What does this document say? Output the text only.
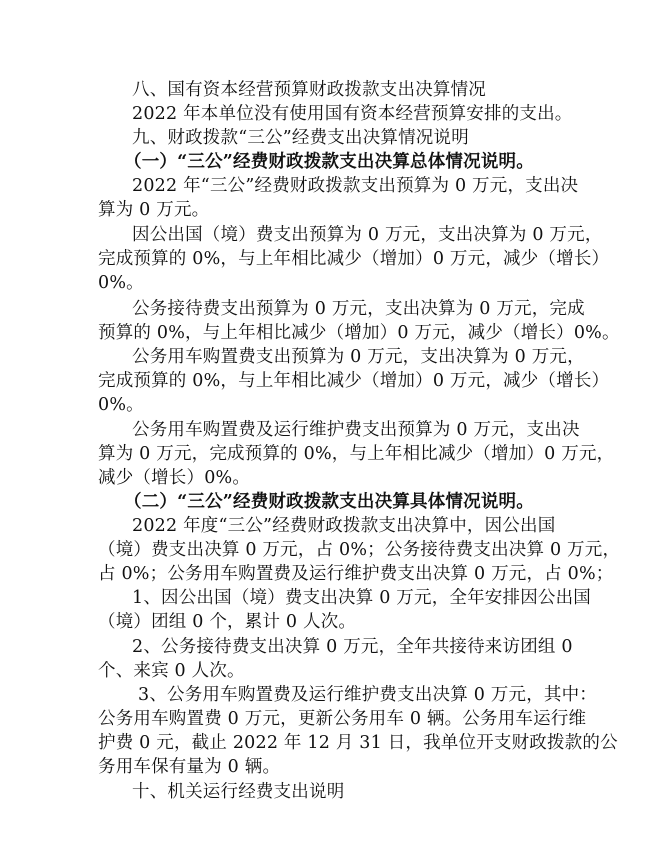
八、国有资本经营预算财政拨款支出决算情况
2022 年本单位没有使用国有资本经营预算安排的支出。
九、财政拨款“三公”经费支出决算情况说明
（一）“三公”经费财政拨款支出决算总体情况说明。
2022 年“三公”经费财政拨款支出预算为 0 万元，支出决
算为 0 万元。
因公出国（境）费支出预算为 0 万元，支出决算为 0 万元，
完成预算的 0%，与上年相比减少（增加）0 万元，减少（增长）
0%。
公务接待费支出预算为 0 万元，支出决算为 0 万元，完成
预算的 0%，与上年相比减少（增加）0 万元，减少（增长）0%。
公务用车购置费支出预算为 0 万元，支出决算为 0 万元，
完成预算的 0%，与上年相比减少（增加）0 万元，减少（增长）
0%。
公务用车购置费及运行维护费支出预算为 0 万元，支出决
算为 0 万元，完成预算的 0%，与上年相比减少（增加）0 万元，
减少（增长）0%。
（二）“三公”经费财政拨款支出决算具体情况说明。
2022 年度“三公”经费财政拨款支出决算中，因公出国
（境）费支出决算 0 万元，占 0%；公务接待费支出决算 0 万元，
占 0%；公务用车购置费及运行维护费支出决算 0 万元，占 0%；
1、因公出国（境）费支出决算 0 万元，全年安排因公出国
（境）团组 0 个，累计 0 人次。
2、公务接待费支出决算 0 万元，全年共接待来访团组 0
个、来宾 0 人次。
3、公务用车购置费及运行维护费支出决算 0 万元，其中：
公务用车购置费 0 万元，更新公务用车 0 辆。公务用车运行维
护费 0 元，截止 2022 年 12 月 31 日，我单位开支财政拨款的公
务用车保有量为 0 辆。
十、机关运行经费支出说明
